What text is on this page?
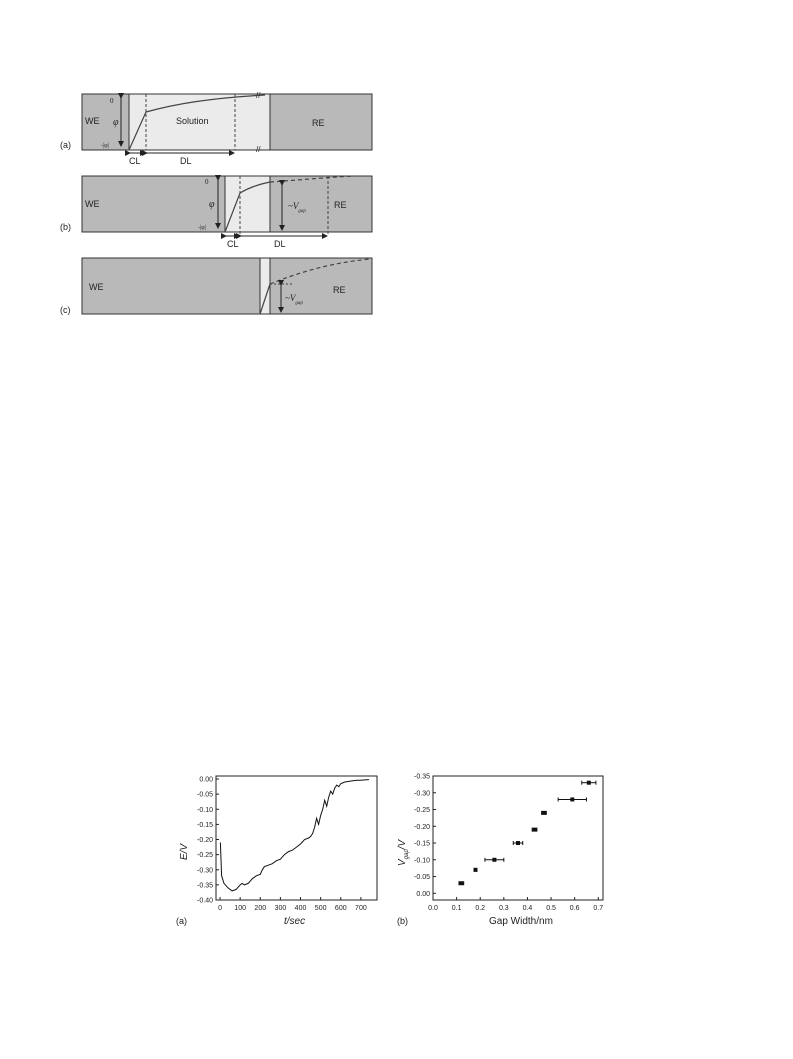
//
//
(a)
WE	Solution	RE
0
φ
-|φ|
CL	DL
(b)
WE	RE
0
φ
-|φ|
$\sim V_{gap}$
CL	DL
(c)
WE	RE
$\sim V_{gap}$
(a)
E/V
t/sec
0 100 200 300 400 500 600 700
0.00
-0.05
-0.10
-0.15
-0.20
-0.25
-0.30
-0.35
-0.40
(b)
$V_{gap}/V$
Gap Width/nm
0.0 0.1 0.2 0.3 0.4 0.5 0.6 0.7
0.00
-0.05
-0.10
-0.15
-0.20
-0.25
-0.30
-0.35
